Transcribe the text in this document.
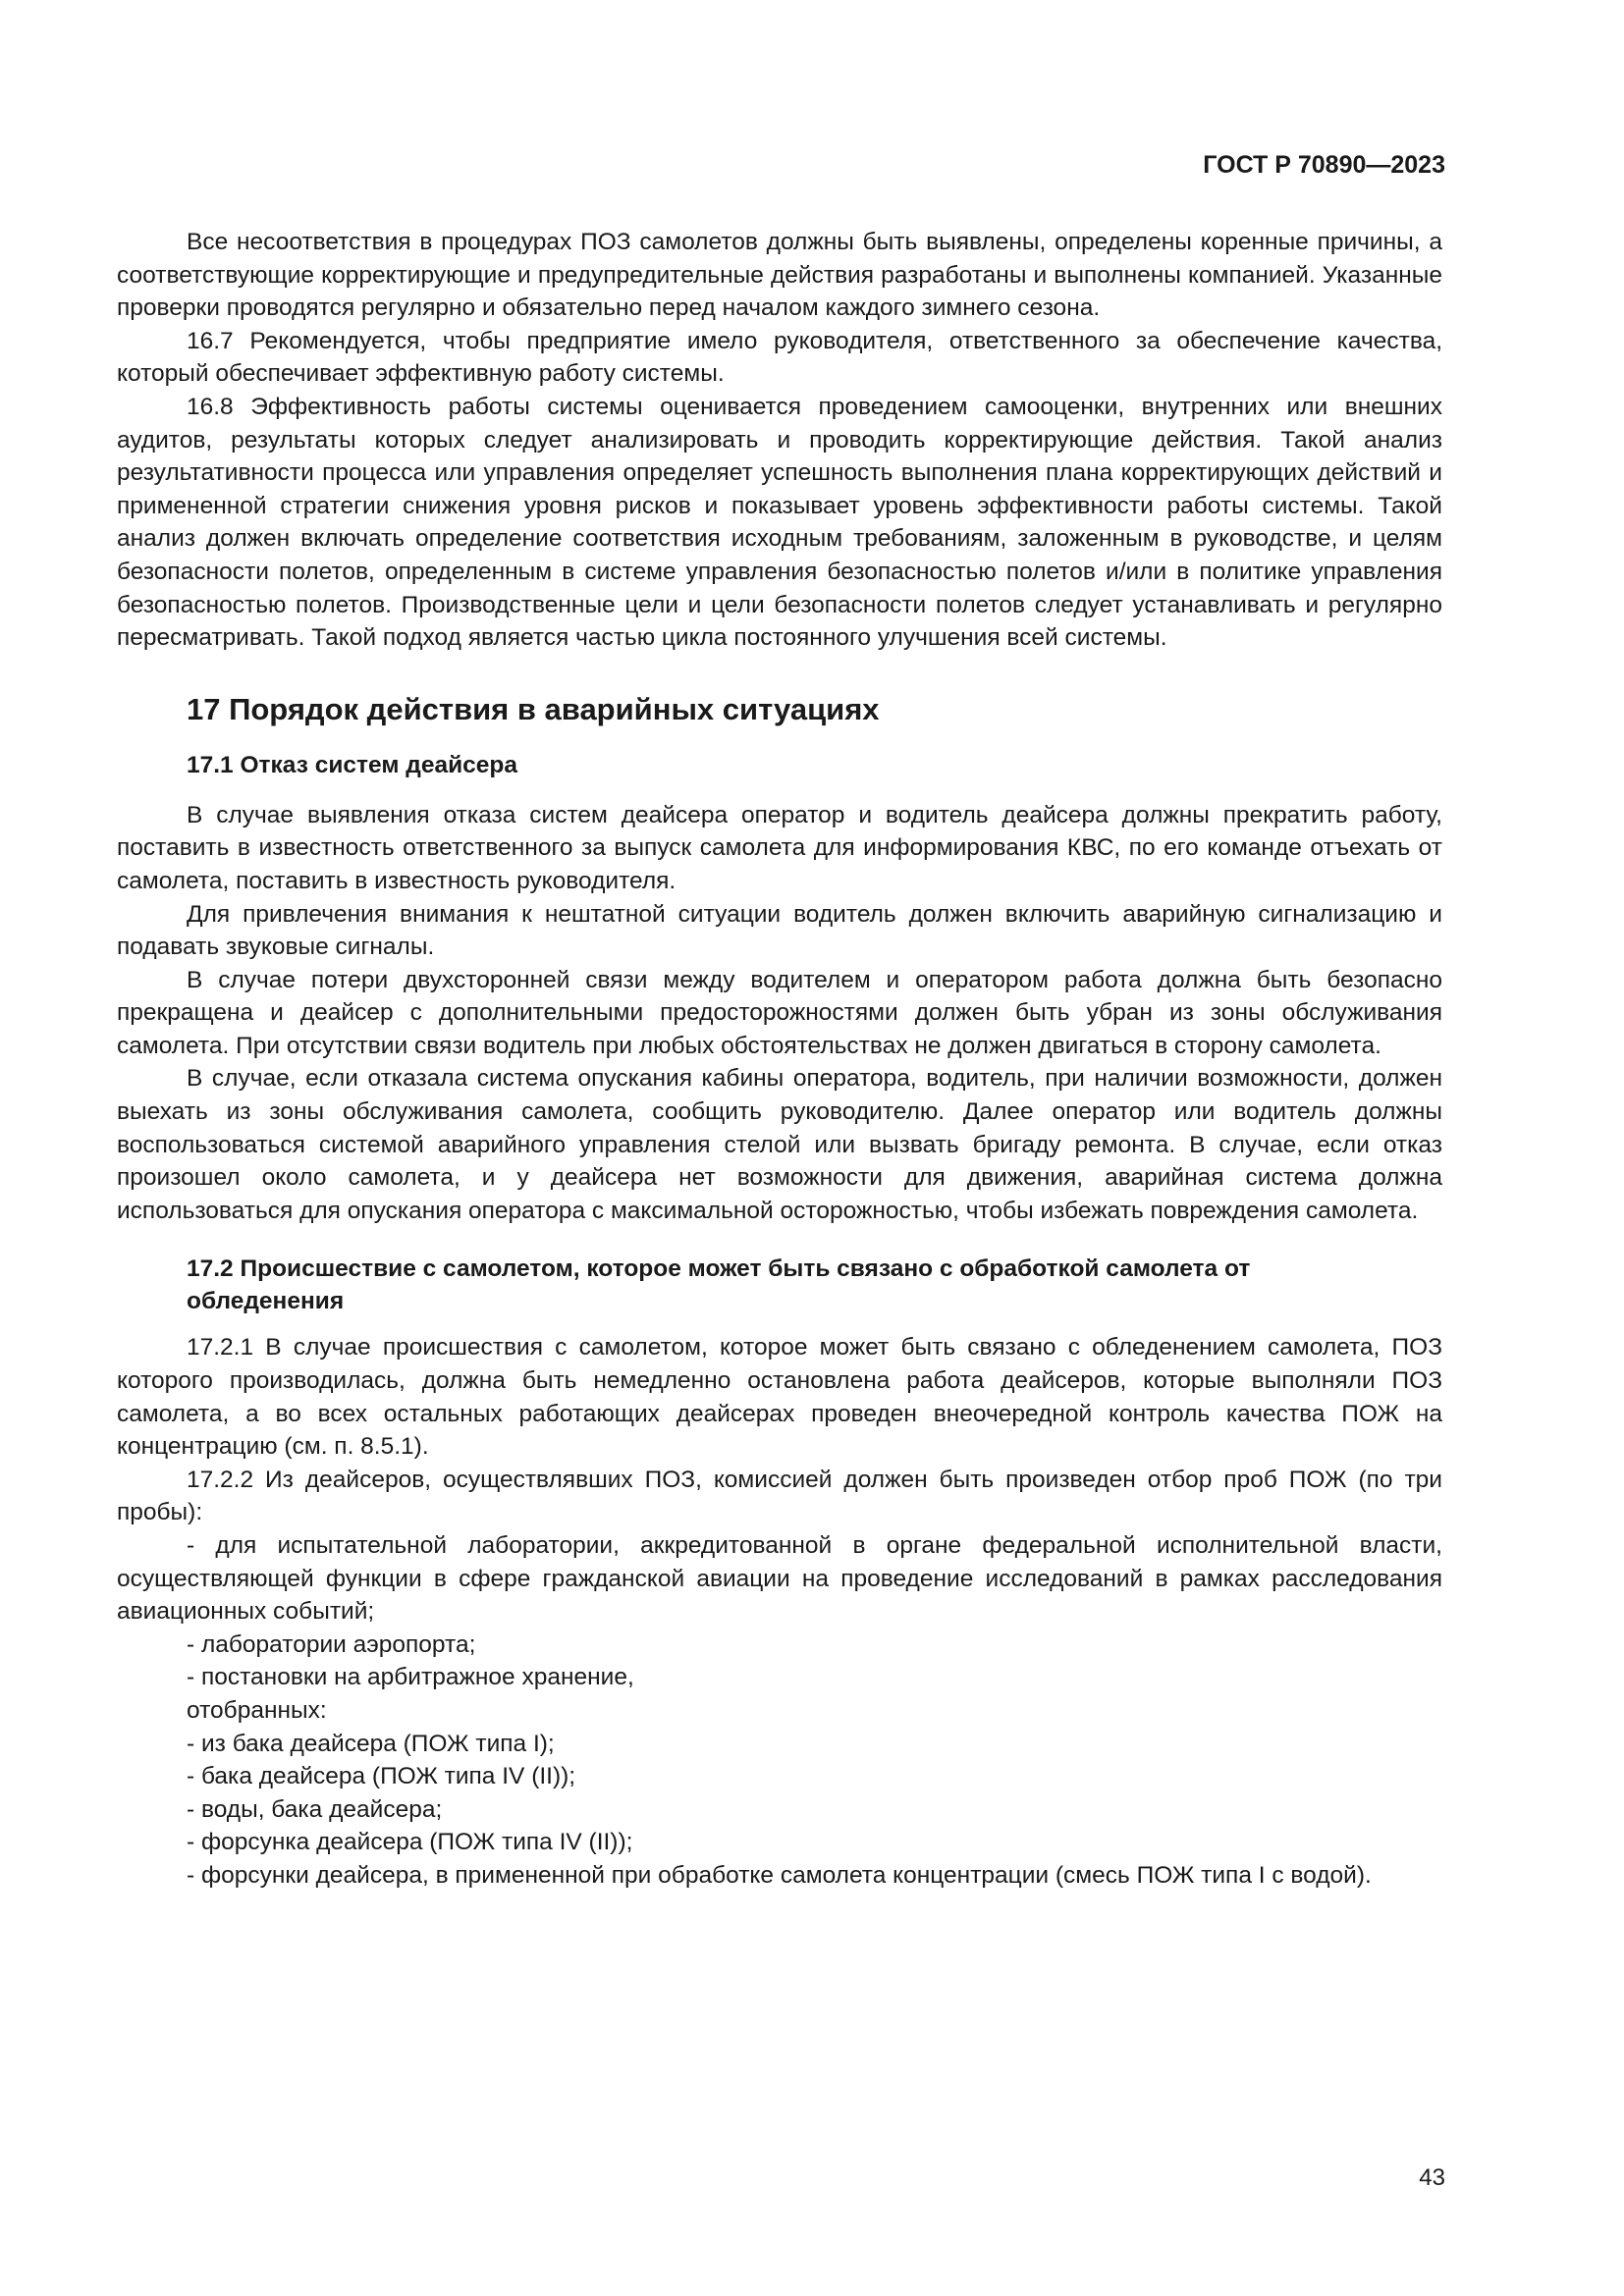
ГОСТ Р 70890—2023

Все несоответствия в процедурах ПОЗ самолетов должны быть выявлены, определены коренные причины, а соответствующие корректирующие и предупредительные действия разработаны и выполнены компанией. Указанные проверки проводятся регулярно и обязательно перед началом каждого зимнего сезона.

16.7 Рекомендуется, чтобы предприятие имело руководителя, ответственного за обеспечение качества, который обеспечивает эффективную работу системы.

16.8 Эффективность работы системы оценивается проведением самооценки, внутренних или внешних аудитов, результаты которых следует анализировать и проводить корректирующие действия. Такой анализ результативности процесса или управления определяет успешность выполнения плана корректирующих действий и примененной стратегии снижения уровня рисков и показывает уровень эффективности работы системы. Такой анализ должен включать определение соответствия исходным требованиям, заложенным в руководстве, и целям безопасности полетов, определенным в системе управления безопасностью полетов и/или в политике управления безопасностью полетов. Производственные цели и цели безопасности полетов следует устанавливать и регулярно пересматривать. Такой подход является частью цикла постоянного улучшения всей системы.

17 Порядок действия в аварийных ситуациях
17.1 Отказ систем деайсера

В случае выявления отказа систем деайсера оператор и водитель деайсера должны прекратить работу, поставить в известность ответственного за выпуск самолета для информирования КВС, по его команде отъехать от самолета, поставить в известность руководителя.

Для привлечения внимания к нештатной ситуации водитель должен включить аварийную сигнализацию и подавать звуковые сигналы.

В случае потери двухсторонней связи между водителем и оператором работа должна быть безопасно прекращена и деайсер с дополнительными предосторожностями должен быть убран из зоны обслуживания самолета. При отсутствии связи водитель при любых обстоятельствах не должен двигаться в сторону самолета.

В случае, если отказала система опускания кабины оператора, водитель, при наличии возможности, должен выехать из зоны обслуживания самолета, сообщить руководителю. Далее оператор или водитель должны воспользоваться системой аварийного управления стелой или вызвать бригаду ремонта. В случае, если отказ произошел около самолета, и у деайсера нет возможности для движения, аварийная система должна использоваться для опускания оператора с максимальной осторожностью, чтобы избежать повреждения самолета.

17.2 Происшествие с самолетом, которое может быть связано с обработкой самолета от обледенения

17.2.1 В случае происшествия с самолетом, которое может быть связано с обледенением самолета, ПОЗ которого производилась, должна быть немедленно остановлена работа деайсеров, которые выполняли ПОЗ самолета, а во всех остальных работающих деайсерах проведен внеочередной контроль качества ПОЖ на концентрацию (см. п. 8.5.1).

17.2.2 Из деайсеров, осуществлявших ПОЗ, комиссией должен быть произведен отбор проб ПОЖ (по три пробы):

- для испытательной лаборатории, аккредитованной в органе федеральной исполнительной власти, осуществляющей функции в сфере гражданской авиации на проведение исследований в рамках расследования авиационных событий;

- лаборатории аэропорта;

- постановки на арбитражное хранение,

отобранных:

- из бака деайсера (ПОЖ типа I);

- бака деайсера (ПОЖ типа IV (II));

- воды, бака деайсера;

- форсунка деайсера (ПОЖ типа IV (II));

- форсунки деайсера, в примененной при обработке самолета концентрации (смесь ПОЖ типа I с водой).

43
